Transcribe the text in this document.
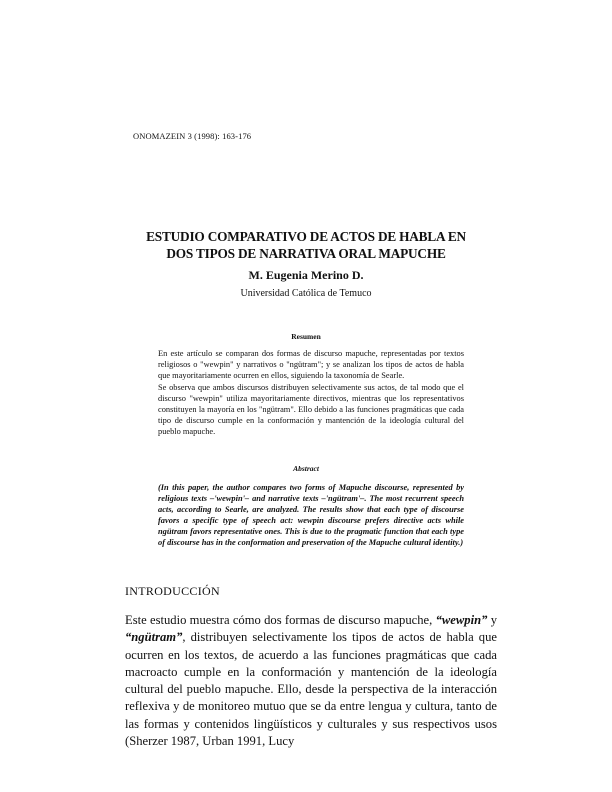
ONOMAZEIN 3 (1998): 163-176
ESTUDIO COMPARATIVO DE ACTOS DE HABLA EN
DOS TIPOS DE NARRATIVA ORAL MAPUCHE
M. Eugenia Merino D.
Universidad Católica de Temuco
Resumen

En este artículo se comparan dos formas de discurso mapuche, representadas por textos religiosos o "wewpin" y narrativos o "ngütram"; y se analizan los tipos de actos de habla que mayoritariamente ocurren en ellos, siguiendo la taxonomía de Searle.

Se observa que ambos discursos distribuyen selectivamente sus actos, de tal modo que el discurso "wewpin" utiliza mayoritariamente directivos, mientras que los representativos constituyen la mayoría en los "ngütram". Ello debido a las funciones pragmáticas que cada tipo de discurso cumple en la conformación y mantención de la ideología cultural del pueblo mapuche.

Abstract
(In this paper, the author compares two forms of Mapuche discourse, represented by religious texts –'wewpin'– and narrative texts –'ngütram'–. The most recurrent speech acts, according to Searle, are analyzed. The results show that each type of discourse favors a specific type of speech act: wewpin discourse prefers directive acts while ngütram favors representative ones. This is due to the pragmatic function that each type of discourse has in the conformation and preservation of the Mapuche cultural identity.)
INTRODUCCIÓN

Este estudio muestra cómo dos formas de discurso mapuche, “wewpin” y “ngütram”, distribuyen selectivamente los tipos de actos de habla que ocurren en los textos, de acuerdo a las funciones pragmáticas que cada macroacto cumple en la conformación y mantención de la ideología cultural del pueblo mapuche. Ello, desde la perspectiva de la interacción reflexiva y de monitoreo mutuo que se da entre lengua y cultura, tanto de las formas y contenidos lingüísticos y culturales y sus respectivos usos (Sherzer 1987, Urban 1991, Lucy
